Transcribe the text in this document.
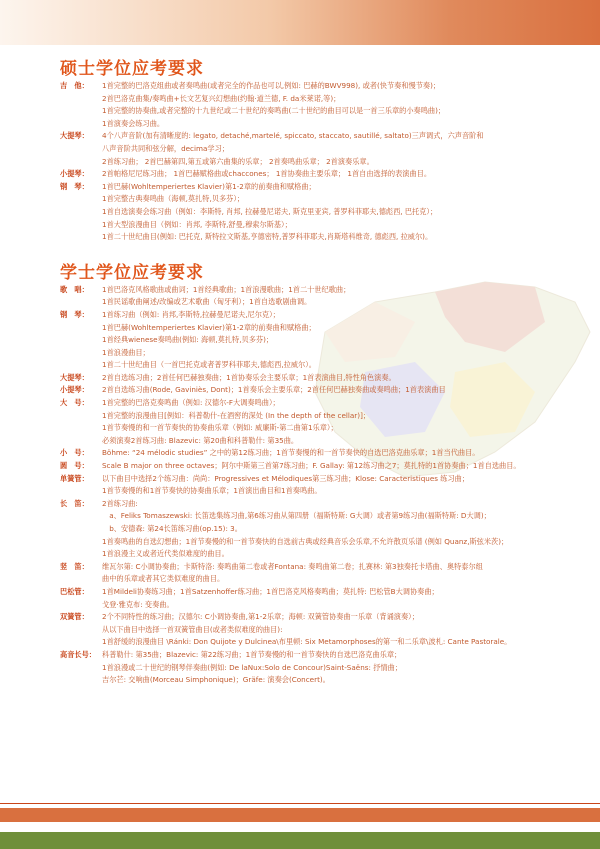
硕士学位应考要求
吉　他：	1首完整的巴洛克组曲或者奏鸣曲(或者完全的作品也可以,例如: 巴赫的BWV998), 或者(快节奏和慢节奏)；
2首巴洛克曲集/奏鸣曲+长文艺复兴幻想曲(约翰·道兰德, F. da米莱诺,等)；
1首完整的协奏曲,或者完整的十九世纪或二十世纪的奏鸣曲(二十世纪的曲目可以是一首三乐章的小奏鸣曲)；
1首演奏会练习曲。
大提琴：	4个八声音阶(加有清晰度的: legato, detaché,martelé, spiccato, staccato, sautillé, saltato)三声调式，六声音阶和
八声音阶共同和弦分解，decima学习；
2首练习曲； 2首巴赫第四,第五或第六曲集的乐章； 2首奏鸣曲乐章； 2首演奏乐章。
小提琴：	2首帕格尼尼练习曲； 1首巴赫赋格曲或chaccones； 1首协奏曲主要乐章； 1首自由选择的表演曲目。
钢　琴：	1首巴赫(Wohltemperiertes Klavier)第1-2章的前奏曲和赋格曲；
1首完整古典奏鸣曲（海顿,莫扎特,贝多芬）；
1首自选演奏会练习曲（例如：李斯特, 肖邦, 拉赫曼尼诺夫, 斯克里亚宾, 普罗科菲耶夫,德彪西, 巴托克）；
1首大型浪漫曲目（例如：肖邦, 李斯特,舒曼,穆索尔斯基）；
1首二十世纪曲目(例如: 巴托克, 斯特拉文斯基,亨德密特,普罗科菲耶夫,肖斯塔科维奇, 德彪西, 拉威尔)。
学士学位应考要求
歌　唱：	1首巴洛克风格歌曲或曲词；1首经典歌曲；1首浪漫歌曲；1首二十世纪歌曲；
1首民谣歌曲阐述/改编或艺术歌曲（匈牙利）；1首自选歌剧曲调。
钢　琴：	1首练习曲（例如: 肖邦,李斯特,拉赫曼尼诺夫,尼尔克）；
1首巴赫(Wohltemperiertes Klavier)第1-2章的前奏曲和赋格曲；
1首经典wienese奏鸣曲(例如: 海顿,莫扎特,贝多芬)；
1首浪漫曲目；
1首二十世纪曲目（一首巴托克或者普罗科菲耶夫,德彪西,拉威尔）。
大提琴：	2首自选练习曲；2首任何巴赫独奏曲；1首协奏乐会主要乐章；1首表演曲目,特性角色演奏。
小提琴：	2首自选练习曲(Rode, Gaviniès, Dont)；1首奏乐会主要乐章；2首任何巴赫独奏曲或奏鸣曲；1首表演曲目
大　号：	1首完整的巴洛克奏鸣曲（例如: 汉德尔-F大调奏鸣曲）；
1首完整的浪漫曲目[例如：科普勒什-在酒窖的深处 (In the depth of the cellar)]；
1首节奏慢的和一首节奏快的协奏曲乐章（例如: 威廉斯-第二曲第1乐章）；
必须演奏2首练习曲: Blazevic: 第20曲和科普勒什: 第35曲。
小　号：	Böhme: “24 mélodic studies” 之中的第12练习曲；1首节奏慢的和一首节奏快的自选巴洛克曲乐章；1首当代曲目。
圆　号：	Scale B major on three octaves；阿尔中斯第三首第7练习曲；F. Gallay: 第12练习曲之7；莫扎特的1首协奏曲；1首自选曲目。
单簧管：	以下曲目中选择2个练习曲：尚尚：Progressives et Mélodiques第三练习曲；Klose: Caracteristiques 练习曲；
1首节奏慢的和1首节奏快的协奏曲乐章；1首演出曲目和1首奏鸣曲。
长　笛：	2首练习曲:
　a、Feliks Tomaszewski: 长笛选集练习曲,第6练习曲从第四册（福斯特斯: G大调）或者第9练习曲(福斯特斯: D大调)；
　b、安德森: 第24长笛练习曲(op.15): 3。
1首奏鸣曲的自选幻想曲；1首节奏慢的和一首节奏快的自选前古典或经典音乐会乐章,不允许散页乐谱 (例如 Quanz,斯弦米茨)；
1首浪漫主义或者近代类似难度的曲目。
竖　笛：	维瓦尔第: C小调协奏曲；卡斯特洛: 奏鸣曲第二卷或者Fontana: 奏鸣曲第二卷；扎赛林: 第3独奏托卡塔曲、奥特泰尔组
曲中的乐章或者其它类似难度的曲目。
巴松管：	1首Mildeli协奏练习曲；1首Satzenhoffer练习曲；1首巴洛克风格奏鸣曲；莫扎特: 巴松管B大调协奏曲；
戈登·雅克布: 变奏曲。
双簧管：	2个不同特性的练习曲；汉德尔: C小调协奏曲,第1-2乐章；海顿: 双簧管协奏曲一乐章（背诵演奏）；
从以下曲目中选择一首双簧管曲目(或者类似难度的曲目):
1首舒缓的浪漫曲目 \Ránki: Don Quijote y Dulcinea\布里顿: Six Metamorphoses的第一和二乐章\波札: Cante Pastorale。
高音长号： 科普勒什: 第35曲；Blazevic: 第22练习曲；1首节奏慢的和一首节奏快的自选巴洛克曲乐章；
1首浪漫或二十世纪的钢琴伴奏曲(例如: De laNux:Solo de Concour)Saint-Saëns: 抒情曲；
吉尔芒: 交响曲(Morceau Simphonique)；Gräfe: 演奏会(Concert)。
